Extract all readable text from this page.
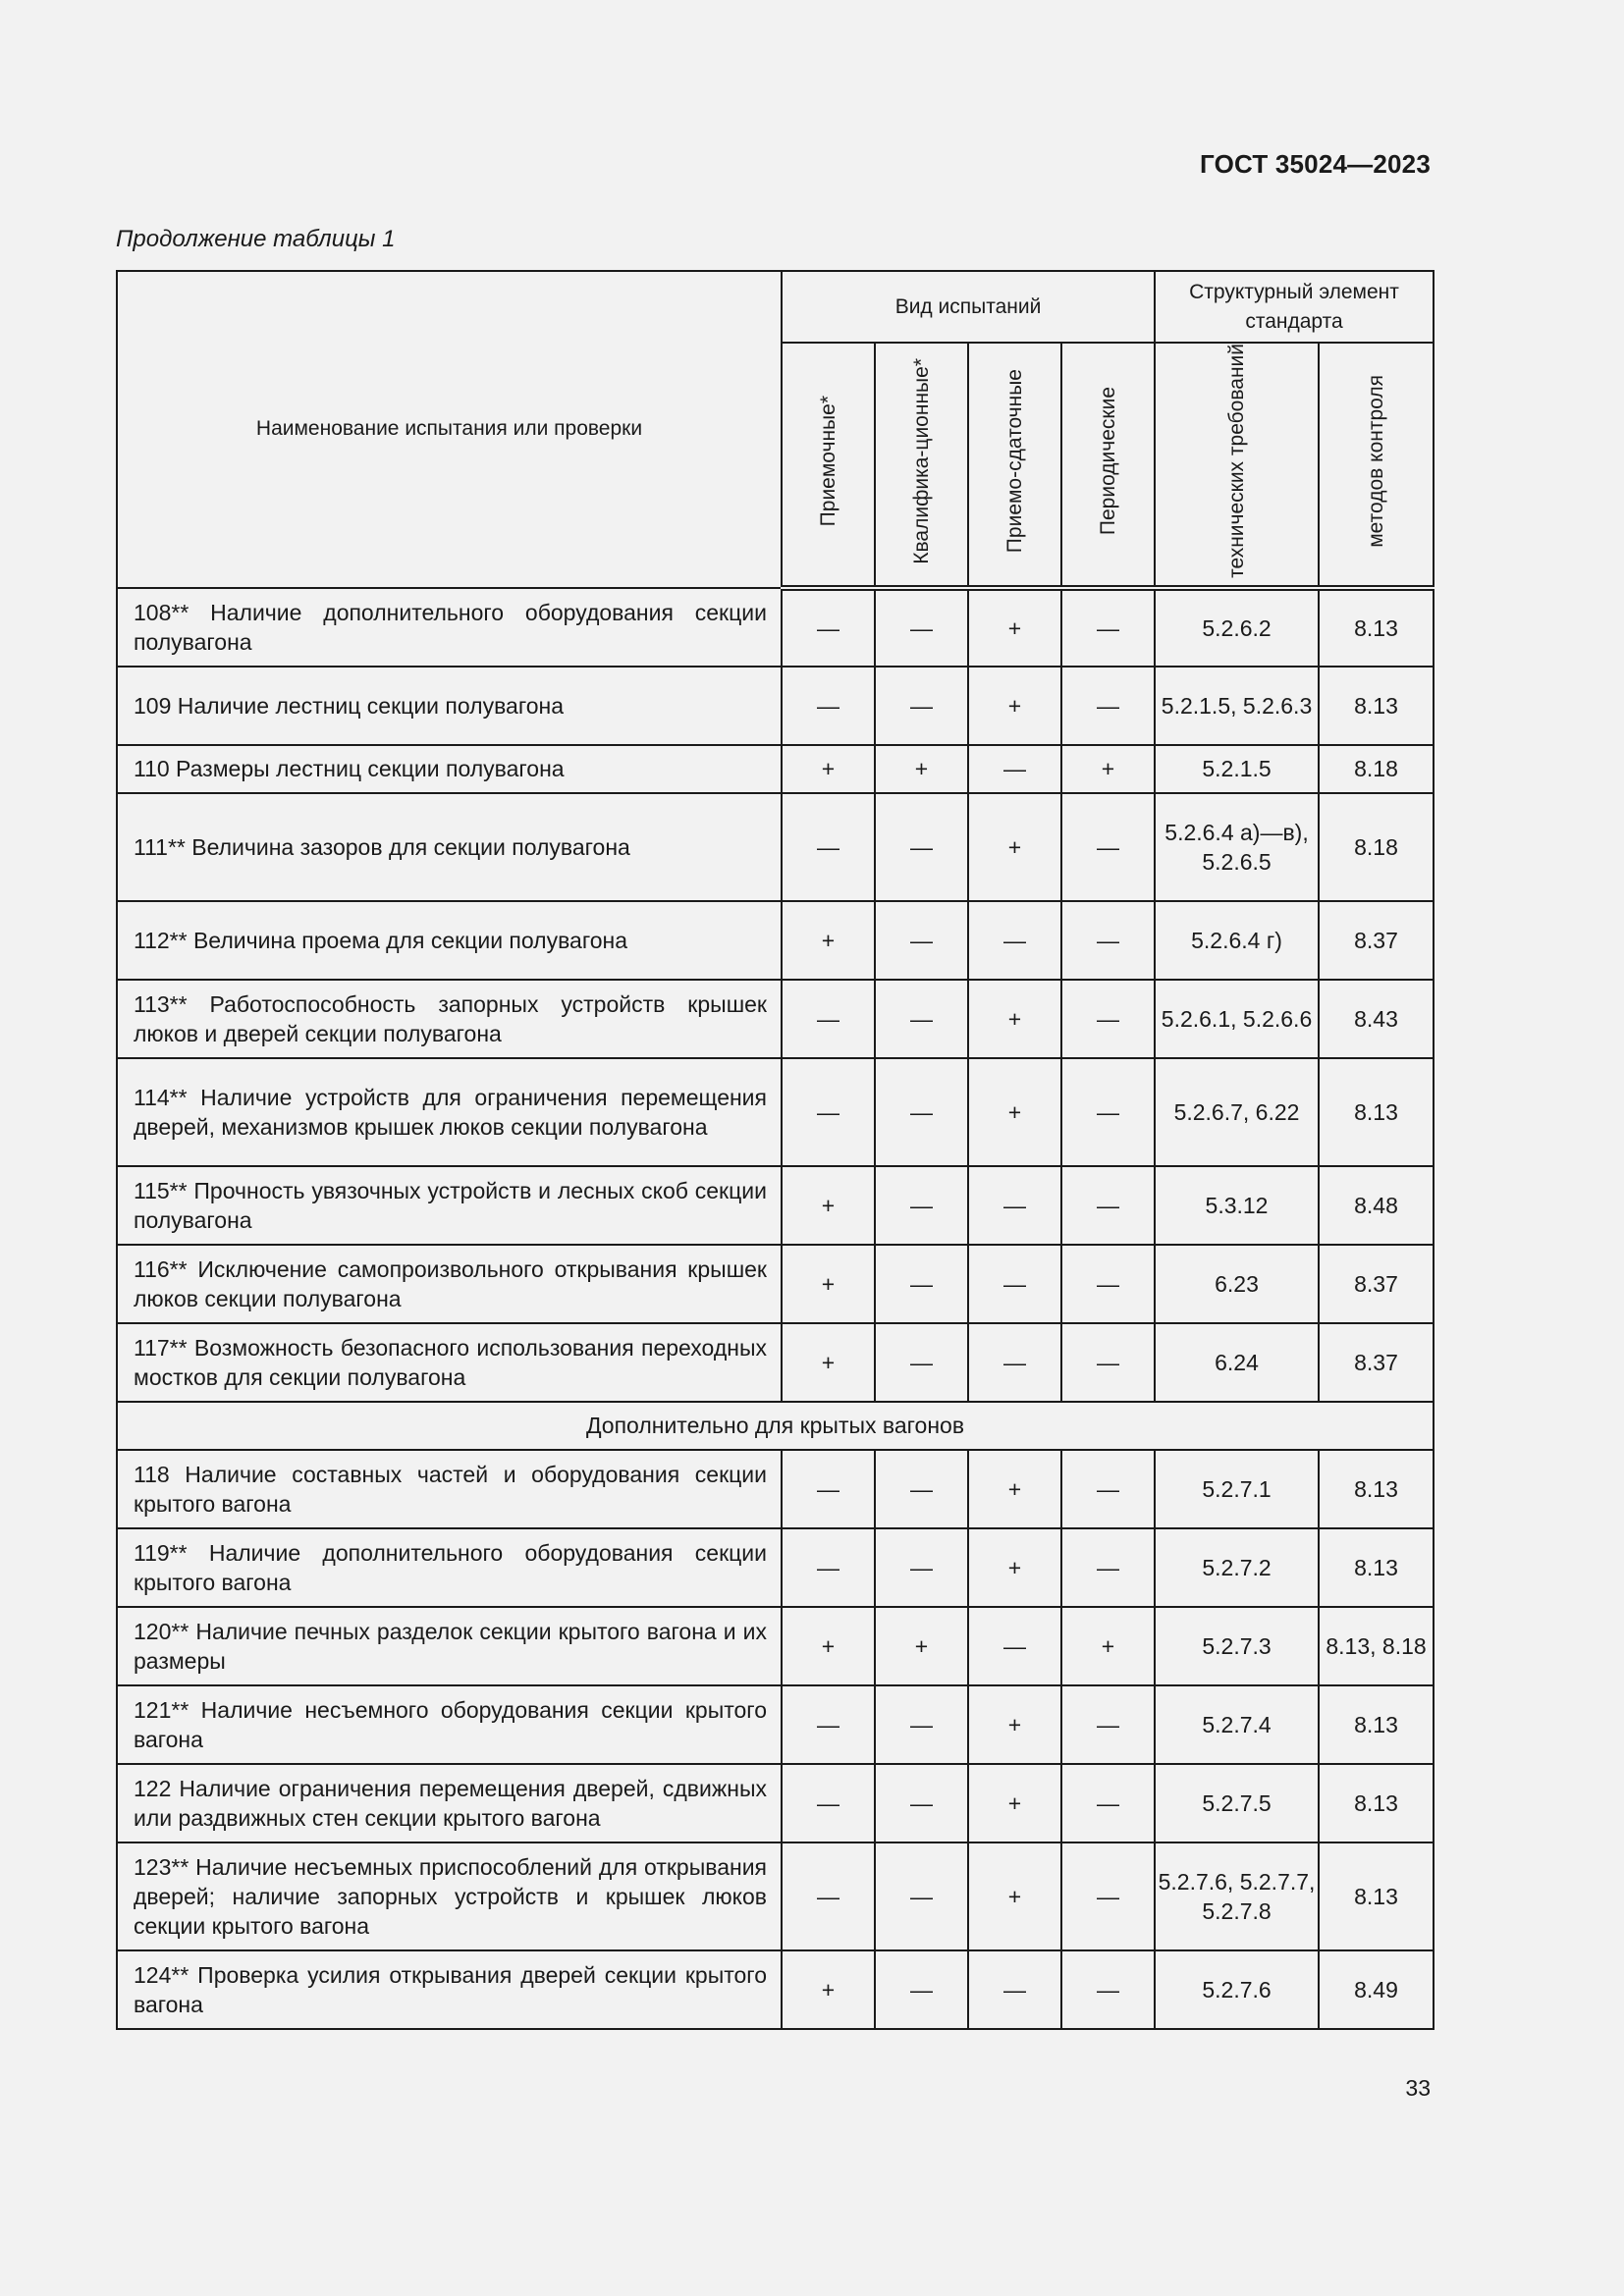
ГОСТ 35024—2023
Продолжение таблицы 1
Наименование испытания или проверки	Вид испытаний				Структурный элемент стандарта	
	Приемочные*	Квалифика-ционные*	Приемо-сдаточные	Периодические	технических требований	методов контроля
108** Наличие дополнительного оборудования секции полувагона	—	—	+	—	5.2.6.2	8.13
109 Наличие лестниц секции полувагона	—	—	+	—	5.2.1.5, 5.2.6.3	8.13
110 Размеры лестниц секции полувагона	+	+	—	+	5.2.1.5	8.18
111** Величина зазоров для секции полувагона	—	—	+	—	5.2.6.4 а)—в), 5.2.6.5	8.18
112** Величина проема для секции полувагона	+	—	—	—	5.2.6.4 г)	8.37
113** Работоспособность запорных устройств крышек люков и дверей секции полувагона	—	—	+	—	5.2.6.1, 5.2.6.6	8.43
114** Наличие устройств для ограничения перемещения дверей, механизмов крышек люков секции полувагона	—	—	+	—	5.2.6.7, 6.22	8.13
115** Прочность увязочных устройств и лесных скоб секции полувагона	+	—	—	—	5.3.12	8.48
116** Исключение самопроизвольного открывания крышек люков секции полувагона	+	—	—	—	6.23	8.37
117** Возможность безопасного использования переходных мостков для секции полувагона	+	—	—	—	6.24	8.37
Дополнительно для крытых вагонов						
118 Наличие составных частей и оборудования секции крытого вагона	—	—	+	—	5.2.7.1	8.13
119** Наличие дополнительного оборудования секции крытого вагона	—	—	+	—	5.2.7.2	8.13
120** Наличие печных разделок секции крытого вагона и их размеры	+	+	—	+	5.2.7.3	8.13, 8.18
121** Наличие несъемного оборудования секции крытого вагона	—	—	+	—	5.2.7.4	8.13
122 Наличие ограничения перемещения дверей, сдвижных или раздвижных стен секции крытого вагона	—	—	+	—	5.2.7.5	8.13
123** Наличие несъемных приспособлений для открывания дверей; наличие запорных устройств и крышек люков секции крытого вагона	—	—	+	—	5.2.7.6, 5.2.7.7, 5.2.7.8	8.13
124** Проверка усилия открывания дверей секции крытого вагона	+	—	—	—	5.2.7.6	8.49
33
